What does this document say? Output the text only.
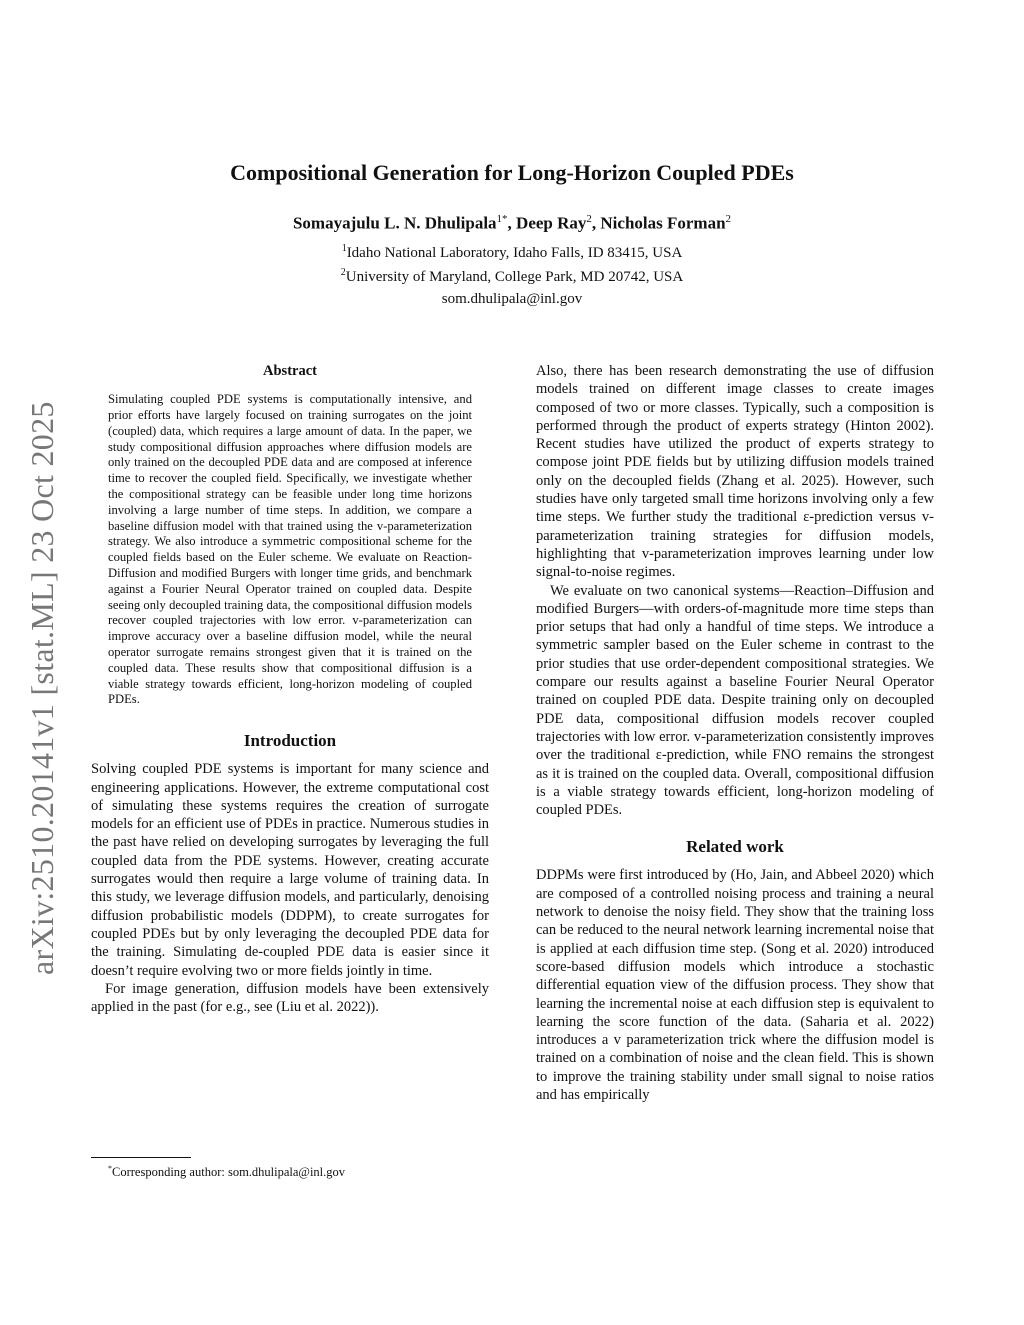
arXiv:2510.20141v1 [stat.ML] 23 Oct 2025
Compositional Generation for Long-Horizon Coupled PDEs
Somayajulu L. N. Dhulipala$^{1*}$, Deep Ray$^2$, Nicholas Forman$^2$
$^1$Idaho National Laboratory, Idaho Falls, ID 83415, USA
$^2$University of Maryland, College Park, MD 20742, USA
som.dhulipala@inl.gov
Abstract

Simulating coupled PDE systems is computationally intensive, and prior efforts have largely focused on training surrogates on the joint (coupled) data, which requires a large amount of data. In the paper, we study compositional diffusion approaches where diffusion models are only trained on the decoupled PDE data and are composed at inference time to recover the coupled field. Specifically, we investigate whether the compositional strategy can be feasible under long time horizons involving a large number of time steps. In addition, we compare a baseline diffusion model with that trained using the v-parameterization strategy. We also introduce a symmetric compositional scheme for the coupled fields based on the Euler scheme. We evaluate on Reaction-Diffusion and modified Burgers with longer time grids, and benchmark against a Fourier Neural Operator trained on coupled data. Despite seeing only decoupled training data, the compositional diffusion models recover coupled trajectories with low error. v-parameterization can improve accuracy over a baseline diffusion model, while the neural operator surrogate remains strongest given that it is trained on the coupled data. These results show that compositional diffusion is a viable strategy towards efficient, long-horizon modeling of coupled PDEs.

Introduction

Solving coupled PDE systems is important for many science and engineering applications. However, the extreme computational cost of simulating these systems requires the creation of surrogate models for an efficient use of PDEs in practice. Numerous studies in the past have relied on developing surrogates by leveraging the full coupled data from the PDE systems. However, creating accurate surrogates would then require a large volume of training data. In this study, we leverage diffusion models, and particularly, denoising diffusion probabilistic models (DDPM), to create surrogates for coupled PDEs but by only leveraging the decoupled PDE data for the training. Simulating de-coupled PDE data is easier since it doesn’t require evolving two or more fields jointly in time.

For image generation, diffusion models have been extensively applied in the past (for e.g., see (Liu et al. 2022)).

Also, there has been research demonstrating the use of diffusion models trained on different image classes to create images composed of two or more classes. Typically, such a composition is performed through the product of experts strategy (Hinton 2002). Recent studies have utilized the product of experts strategy to compose joint PDE fields but by utilizing diffusion models trained only on the decoupled fields (Zhang et al. 2025). However, such studies have only targeted small time horizons involving only a few time steps. We further study the traditional ε-prediction versus v-parameterization training strategies for diffusion models, highlighting that v-parameterization improves learning under low signal-to-noise regimes.

We evaluate on two canonical systems—Reaction–Diffusion and modified Burgers—with orders-of-magnitude more time steps than prior setups that had only a handful of time steps. We introduce a symmetric sampler based on the Euler scheme in contrast to the prior studies that use order-dependent compositional strategies. We compare our results against a baseline Fourier Neural Operator trained on coupled PDE data. Despite training only on decoupled PDE data, compositional diffusion models recover coupled trajectories with low error. v-parameterization consistently improves over the traditional ε-prediction, while FNO remains the strongest as it is trained on the coupled data. Overall, compositional diffusion is a viable strategy towards efficient, long-horizon modeling of coupled PDEs.

Related work

DDPMs were first introduced by (Ho, Jain, and Abbeel 2020) which are composed of a controlled noising process and training a neural network to denoise the noisy field. They show that the training loss can be reduced to the neural network learning incremental noise that is applied at each diffusion time step. (Song et al. 2020) introduced score-based diffusion models which introduce a stochastic differential equation view of the diffusion process. They show that learning the incremental noise at each diffusion step is equivalent to learning the score function of the data. (Saharia et al. 2022) introduces a v parameterization trick where the diffusion model is trained on a combination of noise and the clean field. This is shown to improve the training stability under small signal to noise ratios and has empirically

*Corresponding author: som.dhulipala@inl.gov
